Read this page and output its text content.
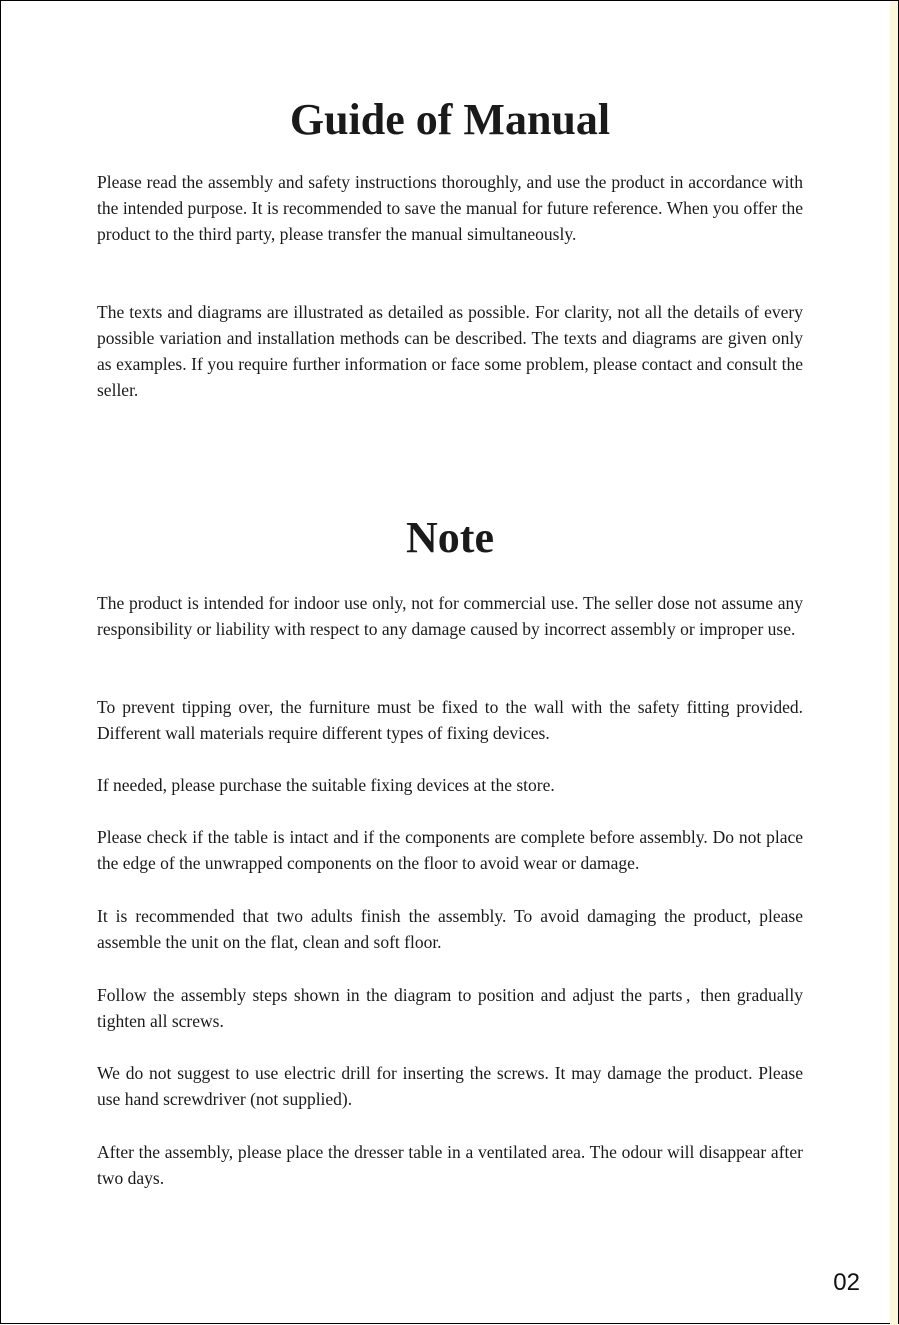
Guide of Manual

Please read the assembly and safety instructions thoroughly, and use the product in accordance with the intended purpose. It is recommended to save the manual for future reference. When you offer the product to the third party, please transfer the manual simultaneously.

The texts and diagrams are illustrated as detailed as possible. For clarity, not all the details of every possible variation and installation methods can be described. The texts and diagrams are given only as examples. If you require further information or face some problem, please contact and consult the seller.

Note

The product is intended for indoor use only, not for commercial use. The seller dose not assume any responsibility or liability with respect to any damage caused by incorrect assembly or improper use.

To prevent tipping over, the furniture must be fixed to the wall with the safety fitting provided. Different wall materials require different types of fixing devices.

If needed, please purchase the suitable fixing devices at the store.

Please check if the table is intact and if the components are complete before assembly. Do not place the edge of the unwrapped components on the floor to avoid wear or damage.

It is recommended that two adults finish the assembly. To avoid damaging the product, please assemble the unit on the flat, clean and soft floor.

Follow the assembly steps shown in the diagram to position and adjust the parts ,  then gradually tighten all screws.

We do not suggest to use electric drill for inserting the screws. It may damage the product. Please use hand screwdriver (not supplied).

After the assembly, please place the dresser table in a ventilated area. The odour will disappear after two days.

02
